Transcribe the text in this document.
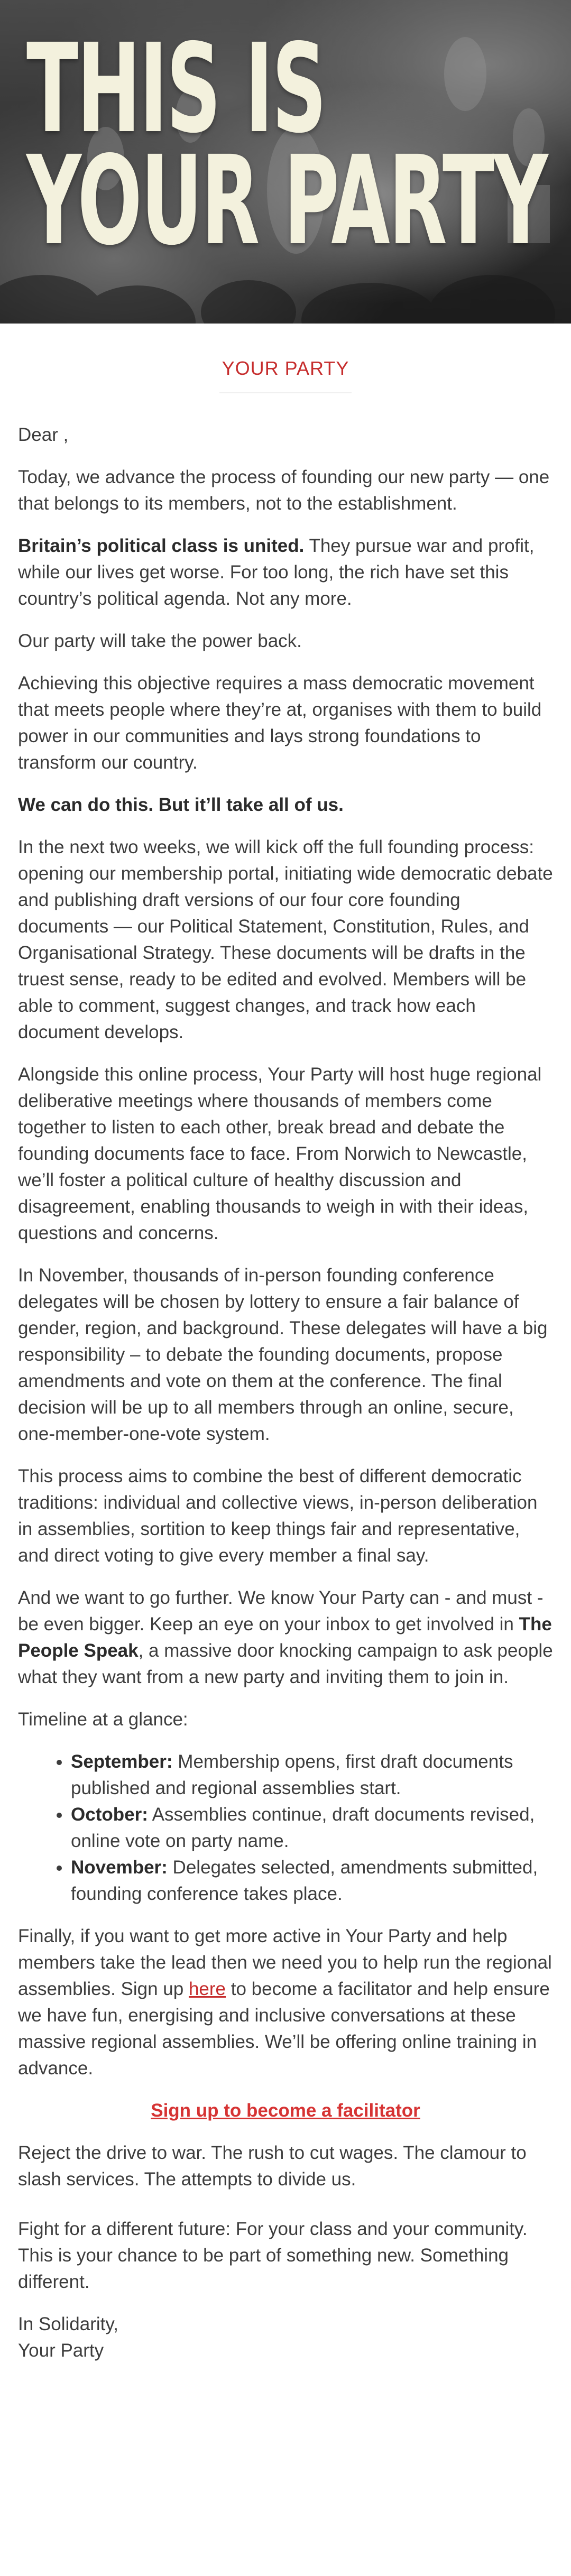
THIS IS
YOUR PARTY
YOUR PARTY

Dear ,

Today, we advance the process of founding our new party — one that belongs to its members, not to the establishment.

Britain’s political class is united. They pursue war and profit, while our lives get worse. For too long, the rich have set this country’s political agenda. Not any more.

Our party will take the power back.

Achieving this objective requires a mass democratic movement that meets people where they’re at, organises with them to build power in our communities and lays strong foundations to transform our country.

We can do this. But it’ll take all of us.

In the next two weeks, we will kick off the full founding process: opening our membership portal, initiating wide democratic debate and publishing draft versions of our four core founding documents — our Political Statement, Constitution, Rules, and Organisational Strategy. These documents will be drafts in the truest sense, ready to be edited and evolved. Members will be able to comment, suggest changes, and track how each document develops.

Alongside this online process, Your Party will host huge regional deliberative meetings where thousands of members come together to listen to each other, break bread and debate the founding documents face to face. From Norwich to Newcastle, we’ll foster a political culture of healthy discussion and disagreement, enabling thousands to weigh in with their ideas, questions and concerns.

In November, thousands of in-person founding conference delegates will be chosen by lottery to ensure a fair balance of gender, region, and background. These delegates will have a big responsibility – to debate the founding documents, propose amendments and vote on them at the conference. The final decision will be up to all members through an online, secure, one-member-one-vote system.

This process aims to combine the best of different democratic traditions: individual and collective views, in-person deliberation in assemblies, sortition to keep things fair and representative, and direct voting to give every member a final say.

And we want to go further. We know Your Party can - and must - be even bigger. Keep an eye on your inbox to get involved in The People Speak, a massive door knocking campaign to ask people what they want from a new party and inviting them to join in.

Timeline at a glance:

• September: Membership opens, first draft documents published and regional assemblies start.
• October: Assemblies continue, draft documents revised, online vote on party name.
• November: Delegates selected, amendments submitted, founding conference takes place.

Finally, if you want to get more active in Your Party and help members take the lead then we need you to help run the regional assemblies. Sign up here to become a facilitator and help ensure we have fun, energising and inclusive conversations at these massive regional assemblies. We’ll be offering online training in advance.

Sign up to become a facilitator

Reject the drive to war. The rush to cut wages. The clamour to slash services. The attempts to divide us.

Fight for a different future: For your class and your community. This is your chance to be part of something new. Something different.

In Solidarity,
Your Party
